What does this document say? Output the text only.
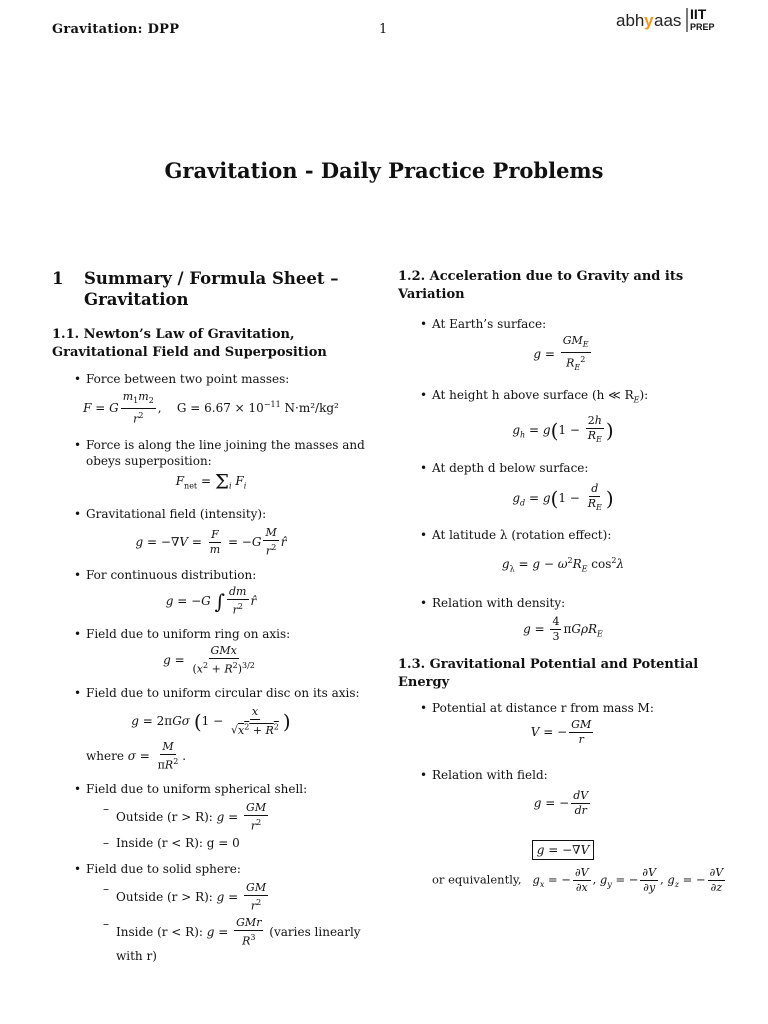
Gravitation: DPP	1	abh y aas IIT
PREP
Gravitation - Daily Practice Problems
1	Summary / Formula Sheet – Gravitation
1.1. Newton’s Law of Gravitation, Gravitational Field and Superposition

• Force between two point masses:

F = G $\frac{m_1m_2}{r^2}$ ,    $G = 6.67 \times 10^{-11}$ N·m²/kg²

• Force is along the line joining the masses and obeys superposition:

$F_{net} = \Sigma_i$ $F_i$

• Gravitational field (intensity):

$g = -\nabla V = \frac{F}{m} = -G \frac{M}{r^2}$ r̂

• For continuous distribution:

g = −G ∫ $\frac{dm}{r^2}$ r̂

• Field due to uniform ring on axis:

$g = \frac{\text{GMx}}{(x^2 + R^2)^{3/2}}$

• Field due to uniform circular disc on its axis:

g = 2πGσ ($1 - \frac{x}{√x^2 + R^2}$ )
where $\sigma = \frac{M}{\pi R^2}$ .

• Field due to uniform spherical shell:

– Outside (r > R): $g = \frac{GM}{r^2}$

– Inside (r < R): g = 0

• Field due to solid sphere:

– Outside (r > R): $g = \frac{GM}{r^2}$
– Inside (r < R): $g = \frac{\text{GMr}}{R^3}$ (varies linearly with r)
1.2. Acceleration due to Gravity and its Variation

• At Earth’s surface:

$g = \frac{GM_E}{R_E^2}$

• At height h above surface (h ≪ $R_E$):

$g_h = g(1 - \frac{2h}{R_E}$ )

• At depth d below surface:

$g_d = g(1 - \frac{d}{R_E}$ )

• At latitude λ (rotation effect):

$g_\lambda = g - \omega^2R_E$ $\cos^2\lambda$

• Relation with density:

$g = \frac{4}{3} \pi G\rho R_E$
1.3. Gravitational Potential and Potential Energy

• Potential at distance r from mass M:

V = − $\frac{GM}{r}$

• Relation with field:

g = − $\frac{dV}{dr}$
g = −∇V
or equivalently, $g_x$ = − $\frac{\partial V}{\partial x}$ , $g_y$ = − $\frac{\partial V}{\partial y}$ , $g_z$ = − $\frac{\partial V}{\partial z}$
